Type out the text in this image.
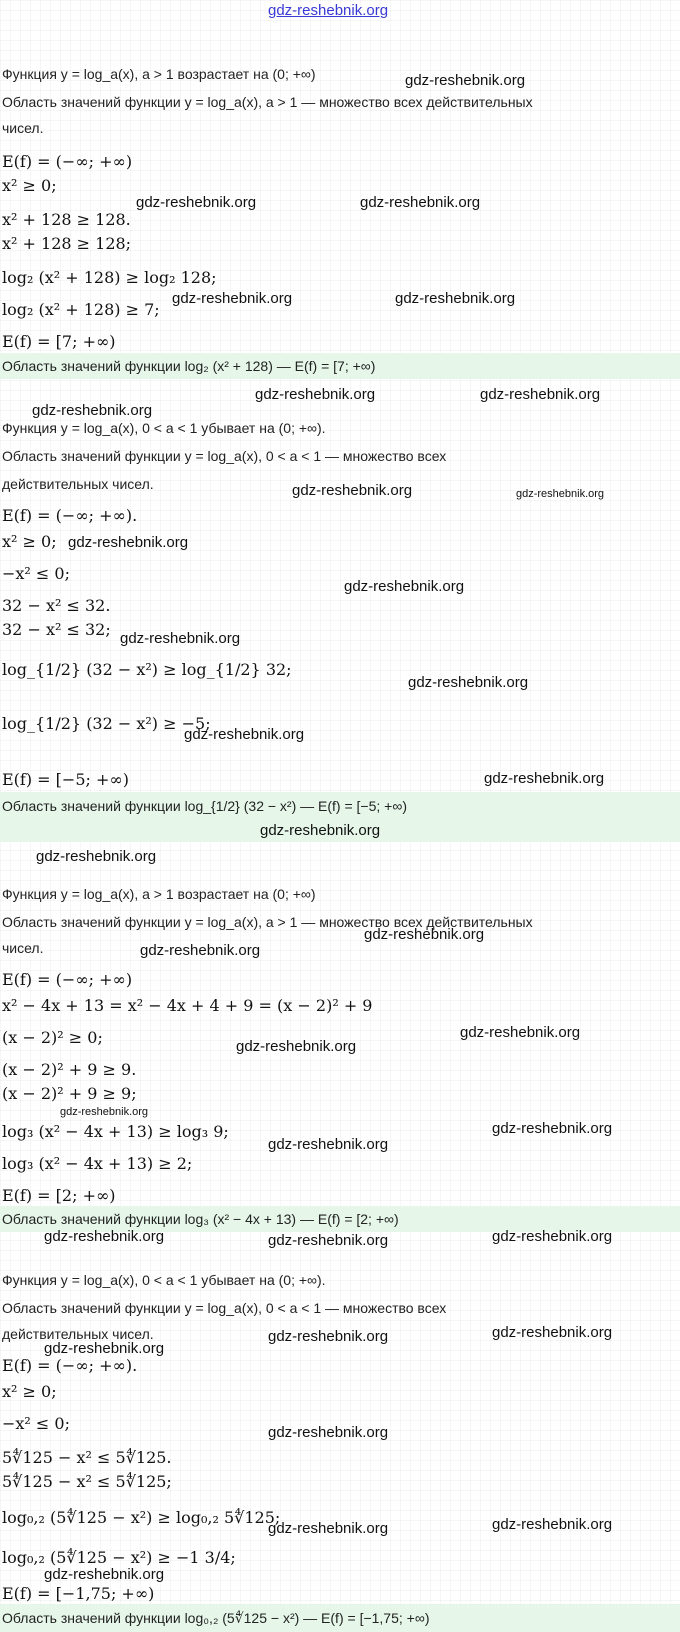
gdz-reshebnik.org
Функция y = log_a(x), a > 1 возрастает на (0; +∞)
Область значений функции y = log_a(x), a > 1 — множество всех действительных
чисел.
E(f) = (−∞; +∞)
x² ≥ 0;
x² + 128 ≥ 128.
x² + 128 ≥ 128;
log₂ (x² + 128) ≥ log₂ 128;
log₂ (x² + 128) ≥ 7;
E(f) = [7; +∞)
Область значений функции log₂ (x² + 128) — E(f) = [7; +∞)
Функция y = log_a(x), 0 < a < 1 убывает на (0; +∞).
Область значений функции y = log_a(x), 0 < a < 1 — множество всех
действительных чисел.
E(f) = (−∞; +∞).
x² ≥ 0;
−x² ≤ 0;
32 − x² ≤ 32.
32 − x² ≤ 32;
log_{1/2} (32 − x²) ≥ log_{1/2} 32;
log_{1/2} (32 − x²) ≥ −5;
E(f) = [−5; +∞)
Область значений функции log_{1/2} (32 − x²) — E(f) = [−5; +∞)
Функция y = log_a(x), a > 1 возрастает на (0; +∞)
Область значений функции y = log_a(x), a > 1 — множество всех действительных
чисел.
E(f) = (−∞; +∞)
x² − 4x + 13 = x² − 4x + 4 + 9 = (x − 2)² + 9
(x − 2)² ≥ 0;
(x − 2)² + 9 ≥ 9.
(x − 2)² + 9 ≥ 9;
log₃ (x² − 4x + 13) ≥ log₃ 9;
log₃ (x² − 4x + 13) ≥ 2;
E(f) = [2; +∞)
Область значений функции log₃ (x² − 4x + 13) — E(f) = [2; +∞)
Функция y = log_a(x), 0 < a < 1 убывает на (0; +∞).
Область значений функции y = log_a(x), 0 < a < 1 — множество всех
действительных чисел.
E(f) = (−∞; +∞).
x² ≥ 0;
−x² ≤ 0;
5∜125 − x² ≤ 5∜125.
5∜125 − x² ≤ 5∜125;
log₀,₂ (5∜125 − x²) ≥ log₀,₂ 5∜125;
log₀,₂ (5∜125 − x²) ≥ −1 3/4;
E(f) = [−1,75; +∞)
Область значений функции log₀,₂ (5∜125 − x²) — E(f) = [−1,75; +∞)
gdz-reshebnik.org
gdz-reshebnik.org	gdz-reshebnik.org
gdz-reshebnik.org	gdz-reshebnik.org
gdz-reshebnik.org	gdz-reshebnik.org
gdz-reshebnik.org
gdz-reshebnik.org	gdz-reshebnik.org
gdz-reshebnik.org
gdz-reshebnik.org
gdz-reshebnik.org
gdz-reshebnik.org
gdz-reshebnik.org
gdz-reshebnik.org
gdz-reshebnik.org
gdz-reshebnik.org
gdz-reshebnik.org
gdz-reshebnik.org
gdz-reshebnik.org
gdz-reshebnik.org
gdz-reshebnik.org
gdz-reshebnik.org
gdz-reshebnik.org
gdz-reshebnik.org	gdz-reshebnik.org	gdz-reshebnik.org
gdz-reshebnik.org	gdz-reshebnik.org
gdz-reshebnik.org
gdz-reshebnik.org
gdz-reshebnik.org	gdz-reshebnik.org
gdz-reshebnik.org
